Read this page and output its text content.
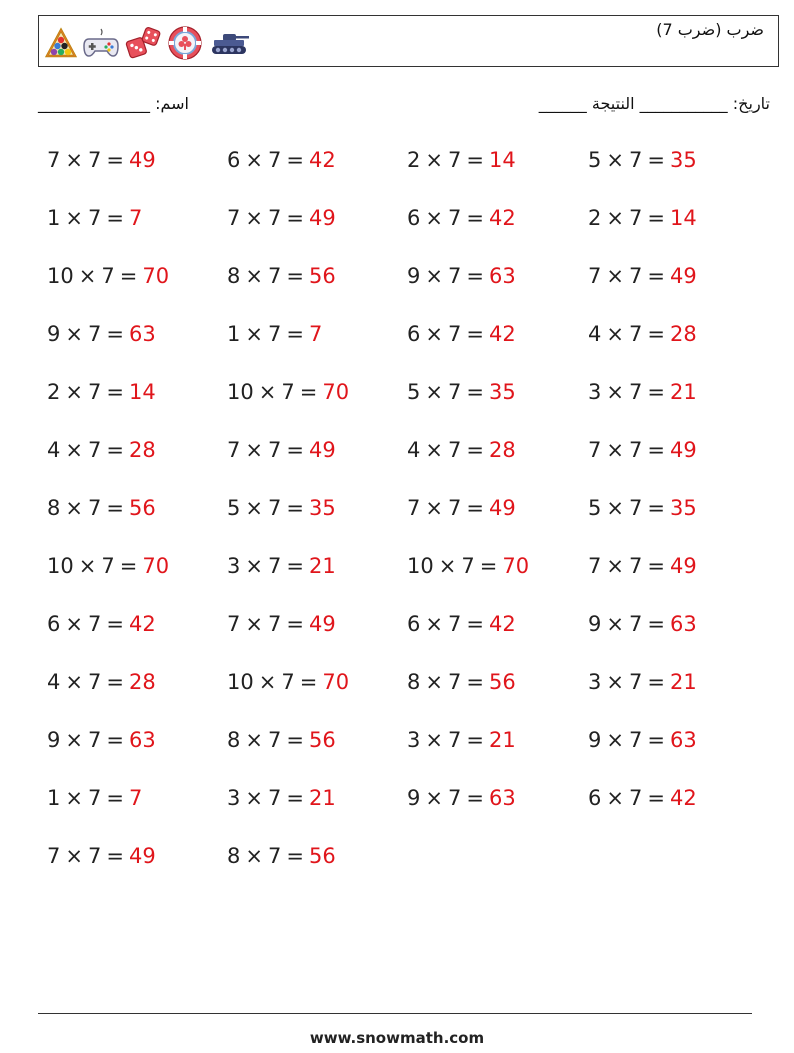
ضرب (ضرب 7)
اسم: ______________	تاريخ: ___________ النتيجة ______
7 × 7 = 49	6 × 7 = 42	2 × 7 = 14	5 × 7 = 35
1 × 7 = 7	7 × 7 = 49	6 × 7 = 42	2 × 7 = 14
10 × 7 = 70	8 × 7 = 56	9 × 7 = 63	7 × 7 = 49
9 × 7 = 63	1 × 7 = 7	6 × 7 = 42	4 × 7 = 28
2 × 7 = 14	10 × 7 = 70	5 × 7 = 35	3 × 7 = 21
4 × 7 = 28	7 × 7 = 49	4 × 7 = 28	7 × 7 = 49
8 × 7 = 56	5 × 7 = 35	7 × 7 = 49	5 × 7 = 35
10 × 7 = 70	3 × 7 = 21	10 × 7 = 70	7 × 7 = 49
6 × 7 = 42	7 × 7 = 49	6 × 7 = 42	9 × 7 = 63
4 × 7 = 28	10 × 7 = 70	8 × 7 = 56	3 × 7 = 21
9 × 7 = 63	8 × 7 = 56	3 × 7 = 21	9 × 7 = 63
1 × 7 = 7	3 × 7 = 21	9 × 7 = 63	6 × 7 = 42
7 × 7 = 49	8 × 7 = 56
www.snowmath.com
